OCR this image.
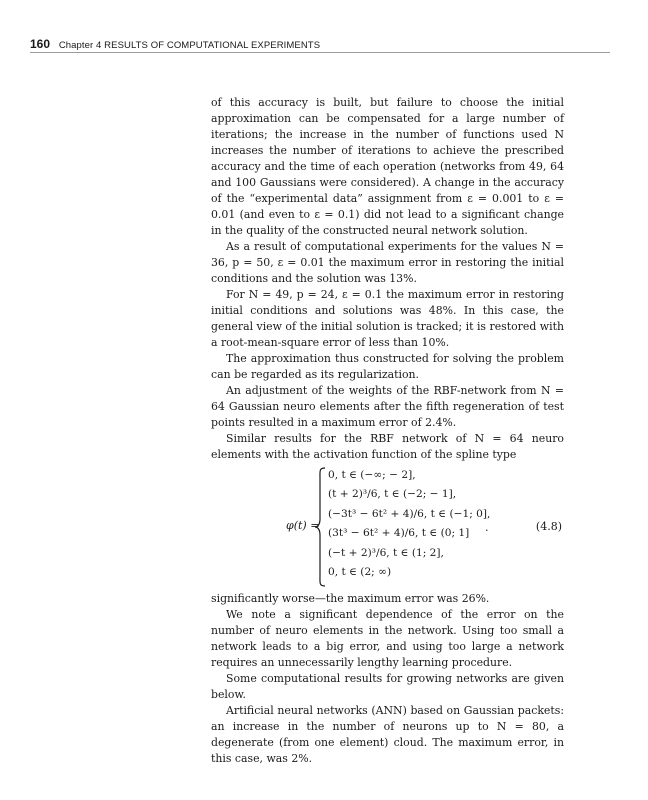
160 Chapter 4 RESULTS OF COMPUTATIONAL EXPERIMENTS

of this accuracy is built, but failure to choose the initial approximation can be compensated for a large number of iterations; the increase in the number of functions used N increases the number of iterations to achieve the prescribed accuracy and the time of each operation (networks from 49, 64 and 100 Gaussians were considered). A change in the accuracy of the “experimental data” assignment from ε = 0.001 to ε = 0.01 (and even to ε = 0.1) did not lead to a significant change in the quality of the constructed neural network solution.

As a result of computational experiments for the values N = 36, p = 50, ε = 0.01 the maximum error in restoring the initial conditions and the solution was 13%.

For N = 49, p = 24, ε = 0.1 the maximum error in restoring initial conditions and solutions was 48%. In this case, the general view of the initial solution is tracked; it is restored with a root-mean-square error of less than 10%.

The approximation thus constructed for solving the problem can be regarded as its regularization.

An adjustment of the weights of the RBF-network from N = 64 Gaussian neuro elements after the fifth regeneration of test points resulted in a maximum error of 2.4%.

Similar results for the RBF network of N = 64 neuro elements with the activation function of the spline type

φ(t) =
0, t ∈ (−∞; − 2],
(t + 2)³/6, t ∈ (−2; − 1],
(−3t³ − 6t² + 4)/6, t ∈ (−1; 0],
(3t³ − 6t² + 4)/6, t ∈ (0; 1]
(−t + 2)³/6, t ∈ (1; 2],
0, t ∈ (2; ∞)
.	(4.8)

significantly worse—the maximum error was 26%.

We note a significant dependence of the error on the number of neuro elements in the network. Using too small a network leads to a big error, and using too large a network requires an unnecessarily lengthy learning procedure.

Some computational results for growing networks are given below.

Artificial neural networks (ANN) based on Gaussian packets: an increase in the number of neurons up to N = 80, a degenerate (from one element) cloud. The maximum error, in this case, was 2%.
